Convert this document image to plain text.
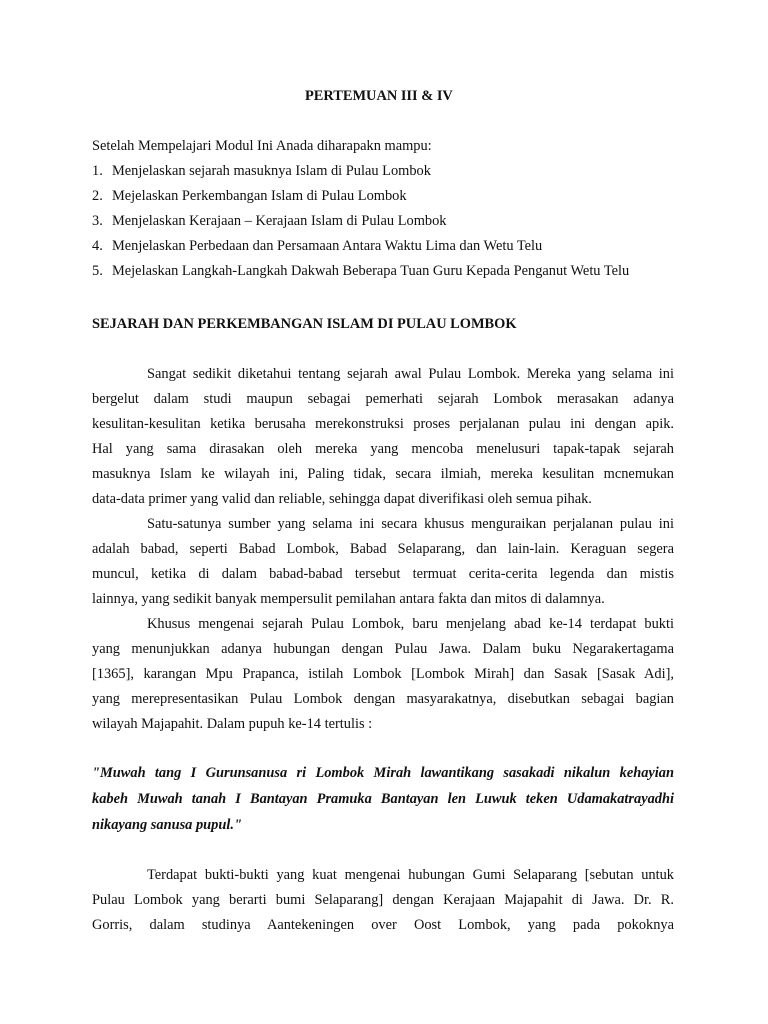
PERTEMUAN III & IV
Setelah Mempelajari Modul Ini Anada diharapakn mampu:
1. Menjelaskan sejarah masuknya Islam di Pulau Lombok
2. Mejelaskan Perkembangan Islam di Pulau Lombok
3. Menjelaskan Kerajaan – Kerajaan Islam di Pulau Lombok
4. Menjelaskan Perbedaan dan Persamaan Antara Waktu Lima dan Wetu Telu
5. Mejelaskan Langkah-Langkah Dakwah Beberapa Tuan Guru Kepada Penganut Wetu Telu
SEJARAH DAN PERKEMBANGAN ISLAM DI PULAU LOMBOK
Sangat sedikit diketahui tentang sejarah awal Pulau Lombok. Mereka yang selama ini
bergelut dalam studi maupun sebagai pemerhati sejarah Lombok merasakan adanya
kesulitan-kesulitan ketika berusaha merekonstruksi proses perjalanan pulau ini dengan apik.
Hal yang sama dirasakan oleh mereka yang mencoba menelusuri tapak-tapak sejarah
masuknya Islam ke wilayah ini, Paling tidak, secara ilmiah, mereka kesulitan mcnemukan
data-data primer yang valid dan reliable, sehingga dapat diverifikasi oleh semua pihak.
Satu-satunya sumber yang selama ini secara khusus menguraikan perjalanan pulau ini
adalah babad, seperti Babad Lombok, Babad Selaparang, dan lain-lain. Keraguan segera
muncul, ketika di dalam babad-babad tersebut termuat cerita-cerita legenda dan mistis
lainnya, yang sedikit banyak mempersulit pemilahan antara fakta dan mitos di dalamnya.
Khusus mengenai sejarah Pulau Lombok, baru menjelang abad ke-14 terdapat bukti
yang menunjukkan adanya hubungan dengan Pulau Jawa. Dalam buku Negarakertagama
[1365], karangan Mpu Prapanca, istilah Lombok [Lombok Mirah] dan Sasak [Sasak Adi],
yang merepresentasikan Pulau Lombok dengan masyarakatnya, disebutkan sebagai bagian
wilayah Majapahit. Dalam pupuh ke-14 tertulis :
"Muwah tang I Gurunsanusa ri Lombok Mirah lawantikang sasakadi nikalun kehayian
kabeh Muwah tanah I Bantayan Pramuka Bantayan len Luwuk teken Udamakatrayadhi
nikayang sanusa pupul."
Terdapat bukti-bukti yang kuat mengenai hubungan Gumi Selaparang [sebutan untuk
Pulau Lombok yang berarti bumi Selaparang] dengan Kerajaan Majapahit di Jawa. Dr. R.
Gorris, dalam studinya Aantekeningen over Oost Lombok, yang pada pokoknya
